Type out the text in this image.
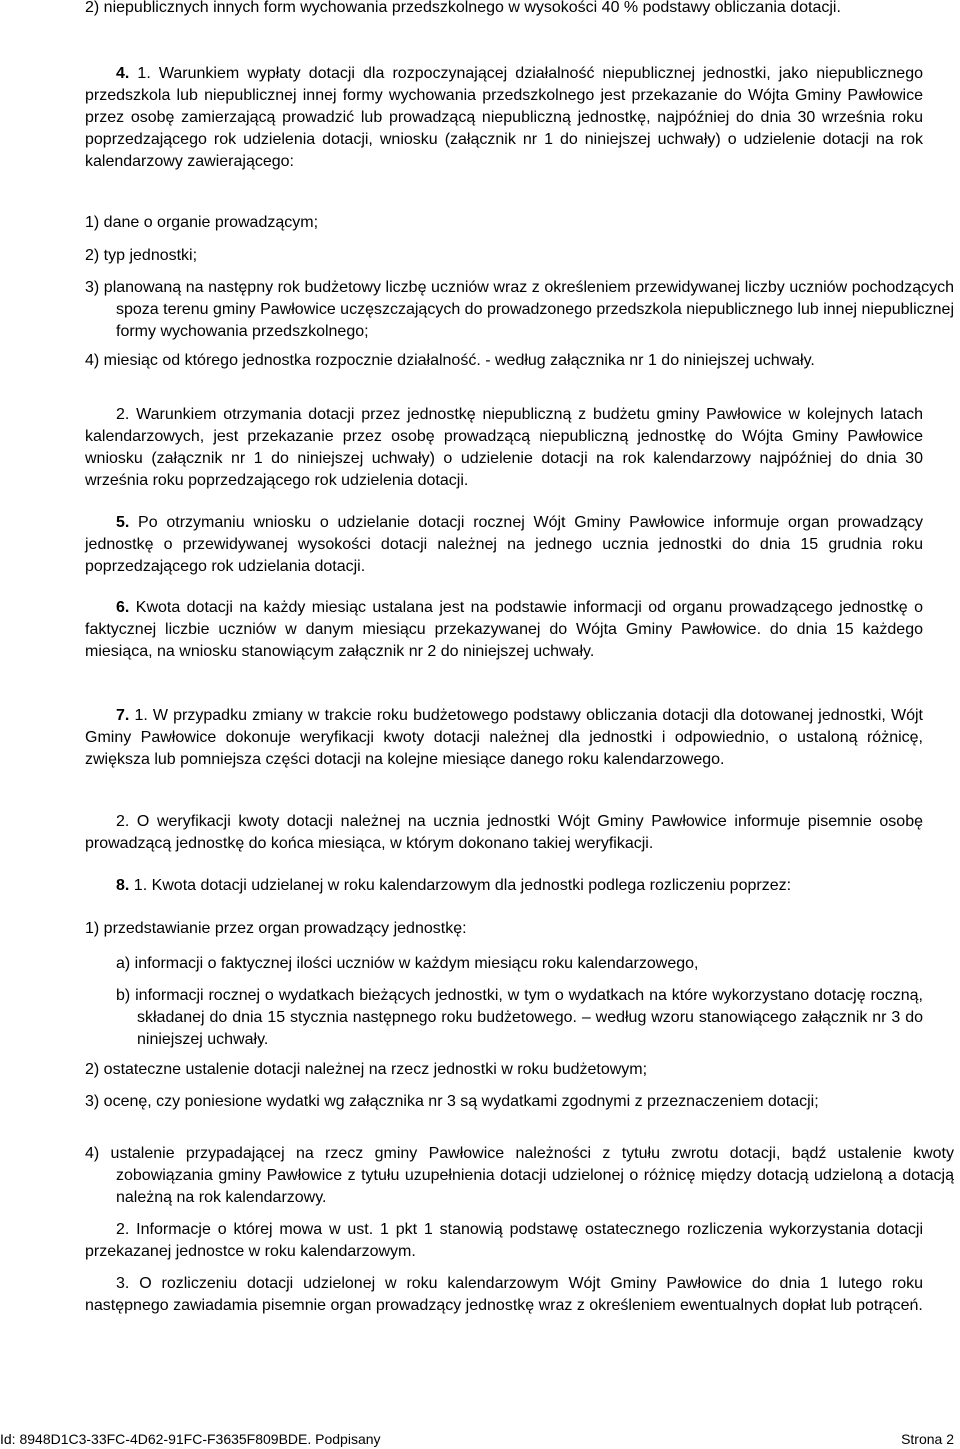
2) niepublicznych innych form wychowania przedszkolnego w wysokości 40 % podstawy obliczania dotacji.

4. 1. Warunkiem wypłaty dotacji dla rozpoczynającej działalność niepublicznej jednostki, jako niepublicznego przedszkola lub niepublicznej innej formy wychowania przedszkolnego jest przekazanie do Wójta Gminy Pawłowice przez osobę zamierzającą prowadzić lub prowadzącą niepubliczną jednostkę, najpóźniej do dnia 30 września roku poprzedzającego rok udzielenia dotacji, wniosku (załącznik nr 1 do niniejszej uchwały) o udzielenie dotacji na rok kalendarzowy zawierającego:

1) dane o organie prowadzącym;

2) typ jednostki;

3) planowaną na następny rok budżetowy liczbę uczniów wraz z określeniem przewidywanej liczby uczniów pochodzących spoza terenu gminy Pawłowice uczęszczających do prowadzonego przedszkola niepublicznego lub innej niepublicznej formy wychowania przedszkolnego;

4) miesiąc od którego jednostka rozpocznie działalność. - według załącznika nr 1 do niniejszej uchwały.

2. Warunkiem otrzymania dotacji przez jednostkę niepubliczną z budżetu gminy Pawłowice w kolejnych latach kalendarzowych, jest przekazanie przez osobę prowadzącą niepubliczną jednostkę do Wójta Gminy Pawłowice wniosku (załącznik nr 1 do niniejszej uchwały) o udzielenie dotacji na rok kalendarzowy najpóźniej do dnia 30 września roku poprzedzającego rok udzielenia dotacji.

5. Po otrzymaniu wniosku o udzielanie dotacji rocznej Wójt Gminy Pawłowice informuje organ prowadzący jednostkę o przewidywanej wysokości dotacji należnej na jednego ucznia jednostki do dnia 15 grudnia roku poprzedzającego rok udzielania dotacji.

6. Kwota dotacji na każdy miesiąc ustalana jest na podstawie informacji od organu prowadzącego jednostkę o faktycznej liczbie uczniów w danym miesiącu przekazywanej do Wójta Gminy Pawłowice. do dnia 15 każdego miesiąca, na wniosku stanowiącym załącznik nr 2 do niniejszej uchwały.

7. 1. W przypadku zmiany w trakcie roku budżetowego podstawy obliczania dotacji dla dotowanej jednostki, Wójt Gminy Pawłowice dokonuje weryfikacji kwoty dotacji należnej dla jednostki i odpowiednio, o ustaloną różnicę, zwiększa lub pomniejsza części dotacji na kolejne miesiące danego roku kalendarzowego.

2. O weryfikacji kwoty dotacji należnej na ucznia jednostki Wójt Gminy Pawłowice informuje pisemnie osobę prowadzącą jednostkę do końca miesiąca, w którym dokonano takiej weryfikacji.

8. 1. Kwota dotacji udzielanej w roku kalendarzowym dla jednostki podlega rozliczeniu poprzez:

1) przedstawianie przez organ prowadzący jednostkę:

a) informacji o faktycznej ilości uczniów w każdym miesiącu roku kalendarzowego,

b) informacji rocznej o wydatkach bieżących jednostki, w tym o wydatkach na które wykorzystano dotację roczną, składanej do dnia 15 stycznia następnego roku budżetowego. – według wzoru stanowiącego załącznik nr 3 do niniejszej uchwały.

2) ostateczne ustalenie dotacji należnej na rzecz jednostki w roku budżetowym;

3) ocenę, czy poniesione wydatki wg załącznika nr 3 są wydatkami zgodnymi z przeznaczeniem dotacji;

4) ustalenie przypadającej na rzecz gminy Pawłowice należności z tytułu zwrotu dotacji, bądź ustalenie kwoty zobowiązania gminy Pawłowice z tytułu uzupełnienia dotacji udzielonej o różnicę między dotacją udzieloną a dotacją należną na rok kalendarzowy.

2. Informacje o której mowa w ust. 1 pkt 1 stanowią podstawę ostatecznego rozliczenia wykorzystania dotacji przekazanej jednostce w roku kalendarzowym.

3. O rozliczeniu dotacji udzielonej w roku kalendarzowym Wójt Gminy Pawłowice do dnia 1 lutego roku następnego zawiadamia pisemnie organ prowadzący jednostkę wraz z określeniem ewentualnych dopłat lub potrąceń.

Id: 8948D1C3-33FC-4D62-91FC-F3635F809BDE. Podpisany	Strona 2
